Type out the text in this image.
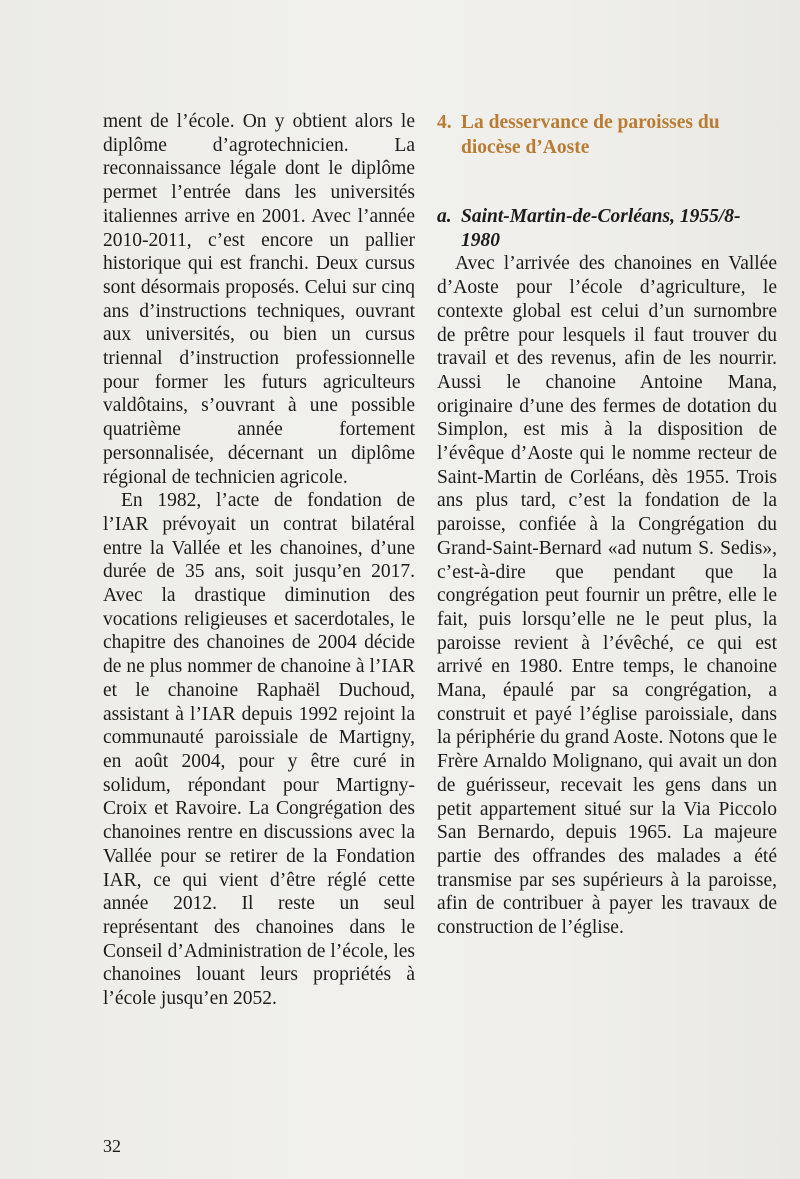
ment de l’école. On y obtient alors le diplôme d’agrotechnicien. La reconnaissance légale dont le diplôme permet l’entrée dans les universités italiennes arrive en 2001. Avec l’année 2010-2011, c’est encore un pallier historique qui est franchi. Deux cursus sont désormais proposés. Celui sur cinq ans d’instructions techniques, ouvrant aux universités, ou bien un cursus triennal d’instruction professionnelle pour former les futurs agriculteurs valdôtains, s’ouvrant à une possible quatrième année fortement personnalisée, décernant un diplôme régional de technicien agricole.

En 1982, l’acte de fondation de l’IAR prévoyait un contrat bilatéral entre la Vallée et les chanoines, d’une durée de 35 ans, soit jusqu’en 2017. Avec la drastique diminution des vocations religieuses et sacerdotales, le chapitre des chanoines de 2004 décide de ne plus nommer de chanoine à l’IAR et le chanoine Raphaël Duchoud, assistant à l’IAR depuis 1992 rejoint la communauté paroissiale de Martigny, en août 2004, pour y être curé in solidum, répondant pour Martigny-Croix et Ravoire. La Congrégation des chanoines rentre en discussions avec la Vallée pour se retirer de la Fondation IAR, ce qui vient d’être réglé cette année 2012. Il reste un seul représentant des chanoines dans le Conseil d’Administration de l’école, les chanoines louant leurs propriétés à l’école jusqu’en 2052.

4. La desservance de paroisses du diocèse d’Aoste
a. Saint-Martin-de-Corléans, 1955/8-1980

Avec l’arrivée des chanoines en Vallée d’Aoste pour l’école d’agriculture, le contexte global est celui d’un surnombre de prêtre pour lesquels il faut trouver du travail et des revenus, afin de les nourrir. Aussi le chanoine Antoine Mana, originaire d’une des fermes de dotation du Simplon, est mis à la disposition de l’évêque d’Aoste qui le nomme recteur de Saint-Martin de Corléans, dès 1955. Trois ans plus tard, c’est la fondation de la paroisse, confiée à la Congrégation du Grand-Saint-Bernard «ad nutum S. Sedis», c’est-à-dire que pendant que la congrégation peut fournir un prêtre, elle le fait, puis lorsqu’elle ne le peut plus, la paroisse revient à l’évêché, ce qui est arrivé en 1980. Entre temps, le chanoine Mana, épaulé par sa congrégation, a construit et payé l’église paroissiale, dans la périphérie du grand Aoste. Notons que le Frère Arnaldo Molignano, qui avait un don de guérisseur, recevait les gens dans un petit appartement situé sur la Via Piccolo San Bernardo, depuis 1965. La majeure partie des offrandes des malades a été transmise par ses supérieurs à la paroisse, afin de contribuer à payer les travaux de construction de l’église.

32
